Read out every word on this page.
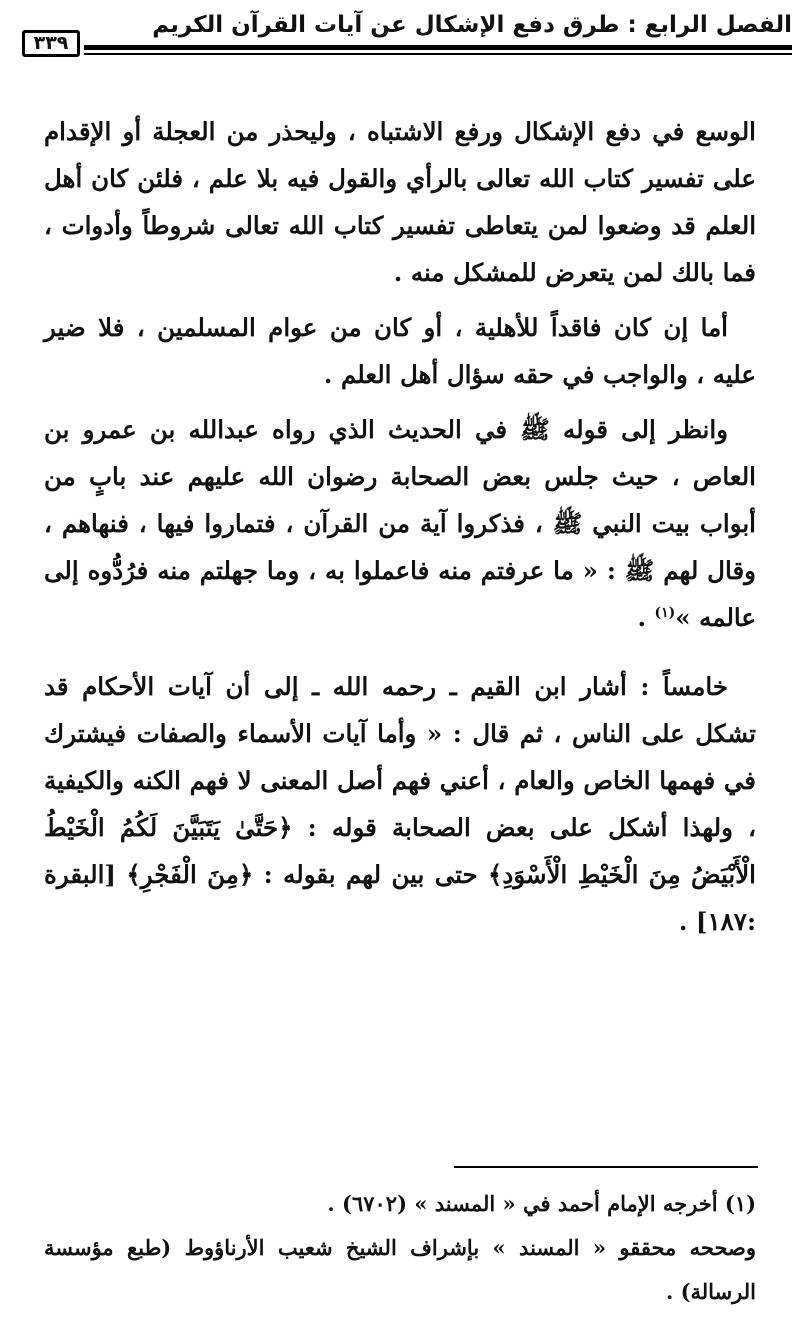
الفصل الرابع : طرق دفع الإشكال عن آيات القرآن الكريم
٣٣٩

الوسع في دفع الإشكال ورفع الاشتباه ، وليحذر من العجلة أو الإقدام على تفسير كتاب الله تعالى بالرأي والقول فيه بلا علم ، فلئن كان أهل العلم قد وضعوا لمن يتعاطى تفسير كتاب الله تعالى شروطاً وأدوات ، فما بالك لمن يتعرض للمشكل منه .

أما إن كان فاقداً للأهلية ، أو كان من عوام المسلمين ، فلا ضير عليه ، والواجب في حقه سؤال أهل العلم .

وانظر إلى قوله ﷺ في الحديث الذي رواه عبدالله بن عمرو بن العاص ، حيث جلس بعض الصحابة رضوان الله عليهم عند بابٍ من أبواب بيت النبي ﷺ ، فذكروا آية من القرآن ، فتماروا فيها ، فنهاهم ، وقال لهم ﷺ : « ما عرفتم منه فاعملوا به ، وما جهلتم منه فرُدُّوه إلى عالمه »$^{(١)}$ .

خامساً : أشار ابن القيم ـ رحمه الله ـ إلى أن آيات الأحكام قد تشكل على الناس ، ثم قال : « وأما آيات الأسماء والصفات فيشترك في فهمها الخاص والعام ، أعني فهم أصل المعنى لا فهم الكنه والكيفية ، ولهذا أشكل على بعض الصحابة قوله : ﴿حَتَّىٰ يَتَبَيَّنَ لَكُمُ الْخَيْطُ الْأَبْيَضُ مِنَ الْخَيْطِ الْأَسْوَدِ﴾ حتى بين لهم بقوله : ﴿مِنَ الْفَجْرِ﴾ [البقرة :١٨٧] .

(١) أخرجه الإمام أحمد في « المسند » (٦٧٠٢) .

وصححه محققو « المسند » بإشراف الشيخ شعيب الأرناؤوط (طبع مؤسسة الرسالة) .
